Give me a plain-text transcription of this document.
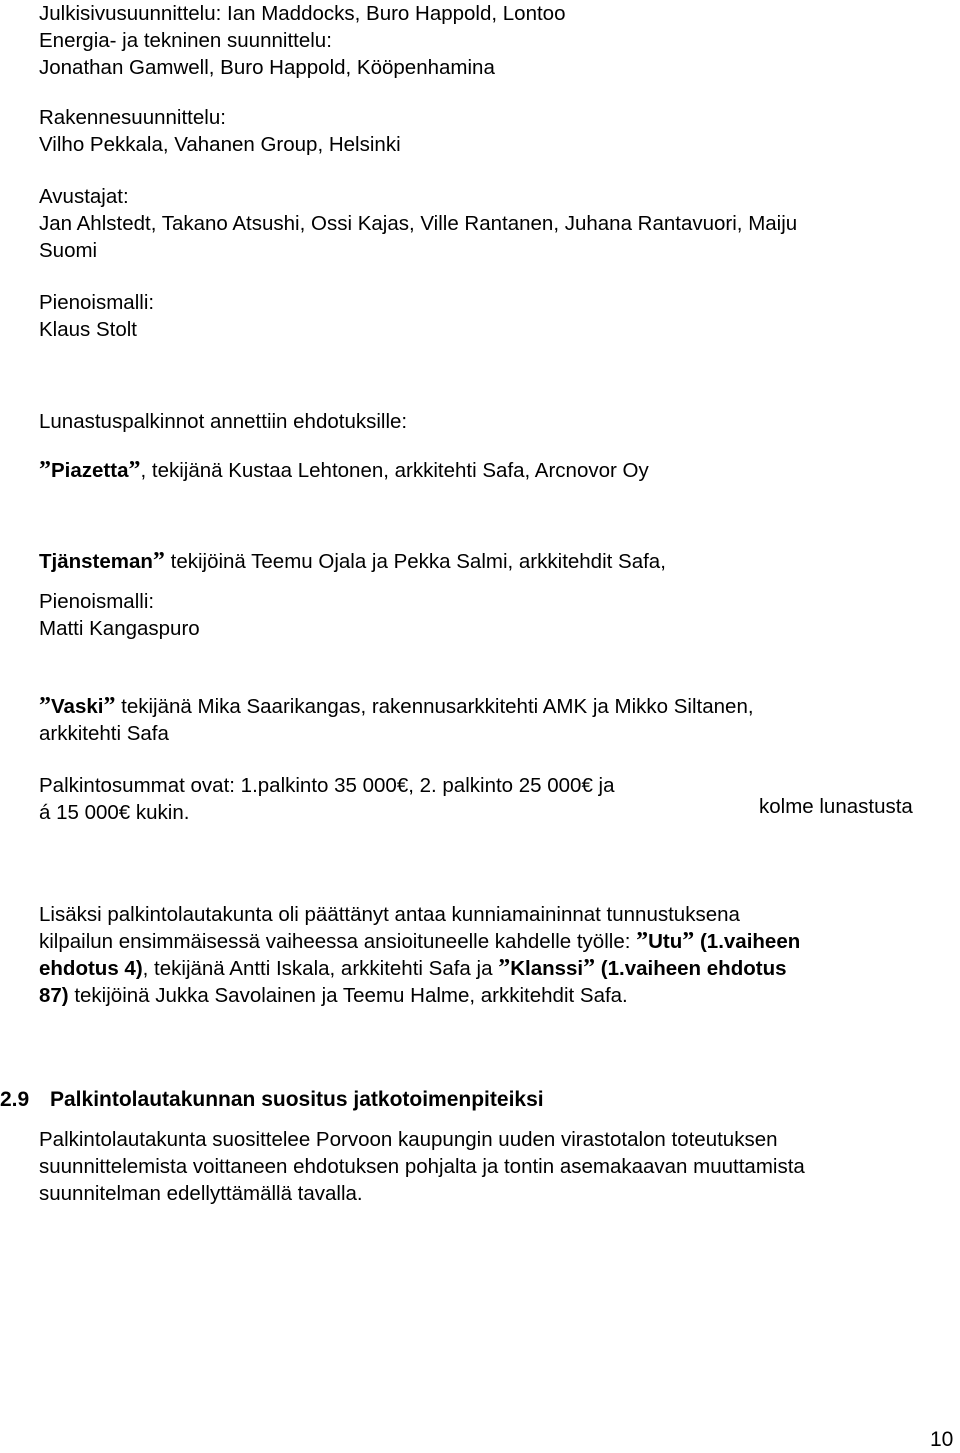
Julkisivusuunnittelu: Ian Maddocks, Buro Happold, Lontoo

Energia- ja tekninen suunnittelu:

Jonathan Gamwell, Buro Happold, Kööpenhamina

Rakennesuunnittelu:

Vilho Pekkala, Vahanen Group, Helsinki

Avustajat:

Jan Ahlstedt, Takano Atsushi, Ossi Kajas, Ville Rantanen, Juhana Rantavuori, Maiju

Suomi

Pienoismalli:

Klaus Stolt

Lunastuspalkinnot annettiin ehdotuksille:

”Piazetta”, tekijänä Kustaa Lehtonen, arkkitehti Safa, Arcnovor Oy

Tjänsteman” tekijöinä Teemu Ojala ja Pekka Salmi, arkkitehdit Safa,

Pienoismalli:

Matti Kangaspuro

”Vaski” tekijänä Mika Saarikangas, rakennusarkkitehti AMK ja Mikko Siltanen,

arkkitehti Safa

Palkintosummat ovat: 1.palkinto 35 000€, 2. palkinto 25 000€ ja

kolme lunastusta

á 15 000€ kukin.

Lisäksi palkintolautakunta oli päättänyt antaa kunniamaininnat tunnustuksena

kilpailun ensimmäisessä vaiheessa ansioituneelle kahdelle työlle: ”Utu” (1.vaiheen

ehdotus 4), tekijänä Antti Iskala, arkkitehti Safa ja ”Klanssi” (1.vaiheen ehdotus

87) tekijöinä Jukka Savolainen ja Teemu Halme, arkkitehdit Safa.

2.9 Palkintolautakunnan suositus jatkotoimenpiteiksi

Palkintolautakunta suosittelee Porvoon kaupungin uuden virastotalon toteutuksen

suunnittelemista voittaneen ehdotuksen pohjalta ja tontin asemakaavan muuttamista

suunnitelman edellyttämällä tavalla.

10
